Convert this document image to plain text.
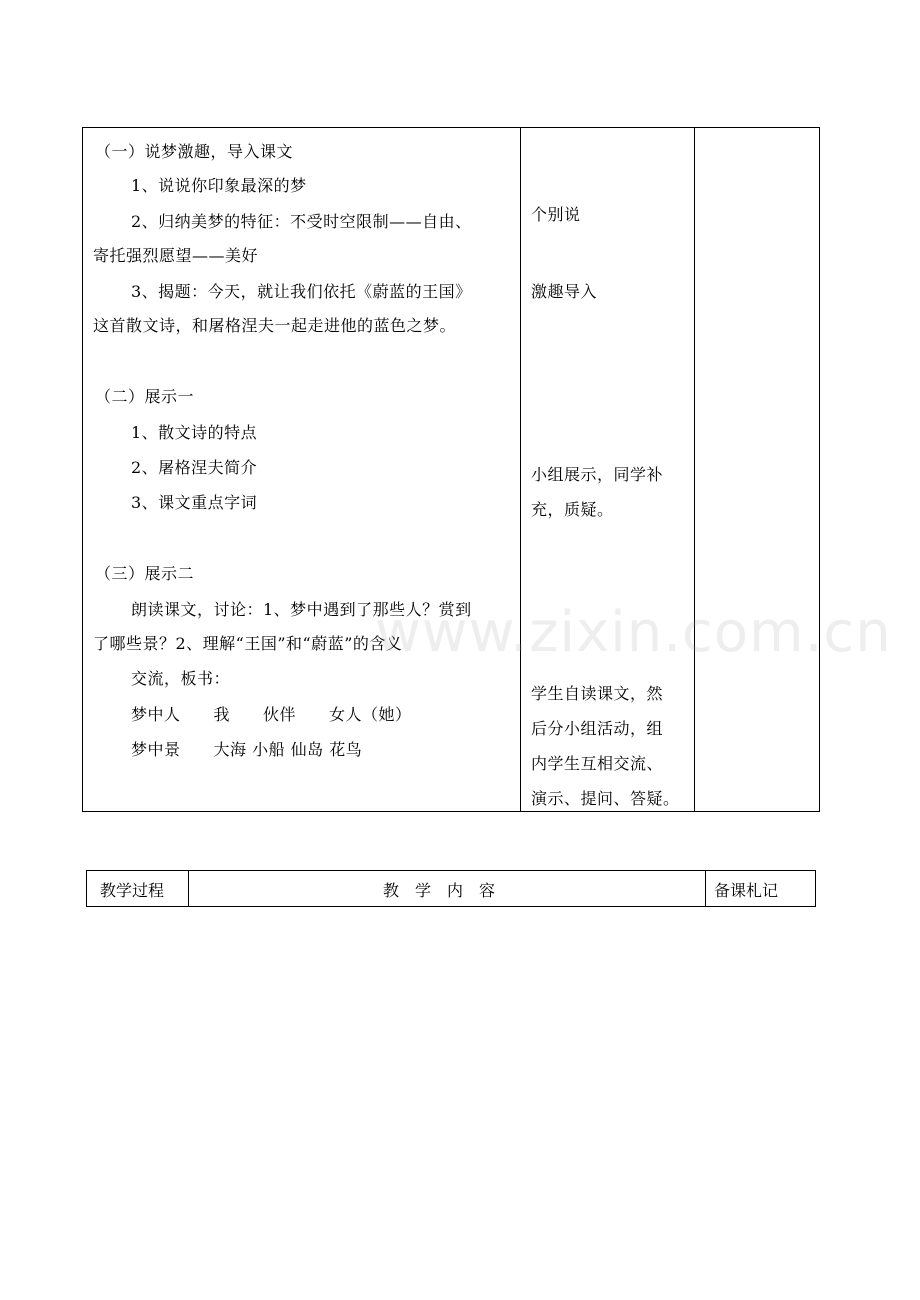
（一）说梦激趣，导入课文
1、说说你印象最深的梦
2、归纳美梦的特征：不受时空限制——自由、
寄托强烈愿望——美好
3、揭题：今天，就让我们依托《蔚蓝的王国》
这首散文诗，和屠格涅夫一起走进他的蓝色之梦。
（二）展示一
1、散文诗的特点
2、屠格涅夫简介
3、课文重点字词
（三）展示二
朗读课文，讨论：1、梦中遇到了那些人？赏到
了哪些景？2、理解“王国”和“蔚蓝”的含义
交流，板书：
梦中人　　我　　伙伴　　女人（她）
梦中景　　大海 小船 仙岛 花鸟
个别说
激趣导入
小组展示，同学补
充，质疑。
学生自读课文，然
后分小组活动，组
内学生互相交流、
演示、提问、答疑。
教学过程	教　学　内　容	备课札记
www.zixin.com.cn
